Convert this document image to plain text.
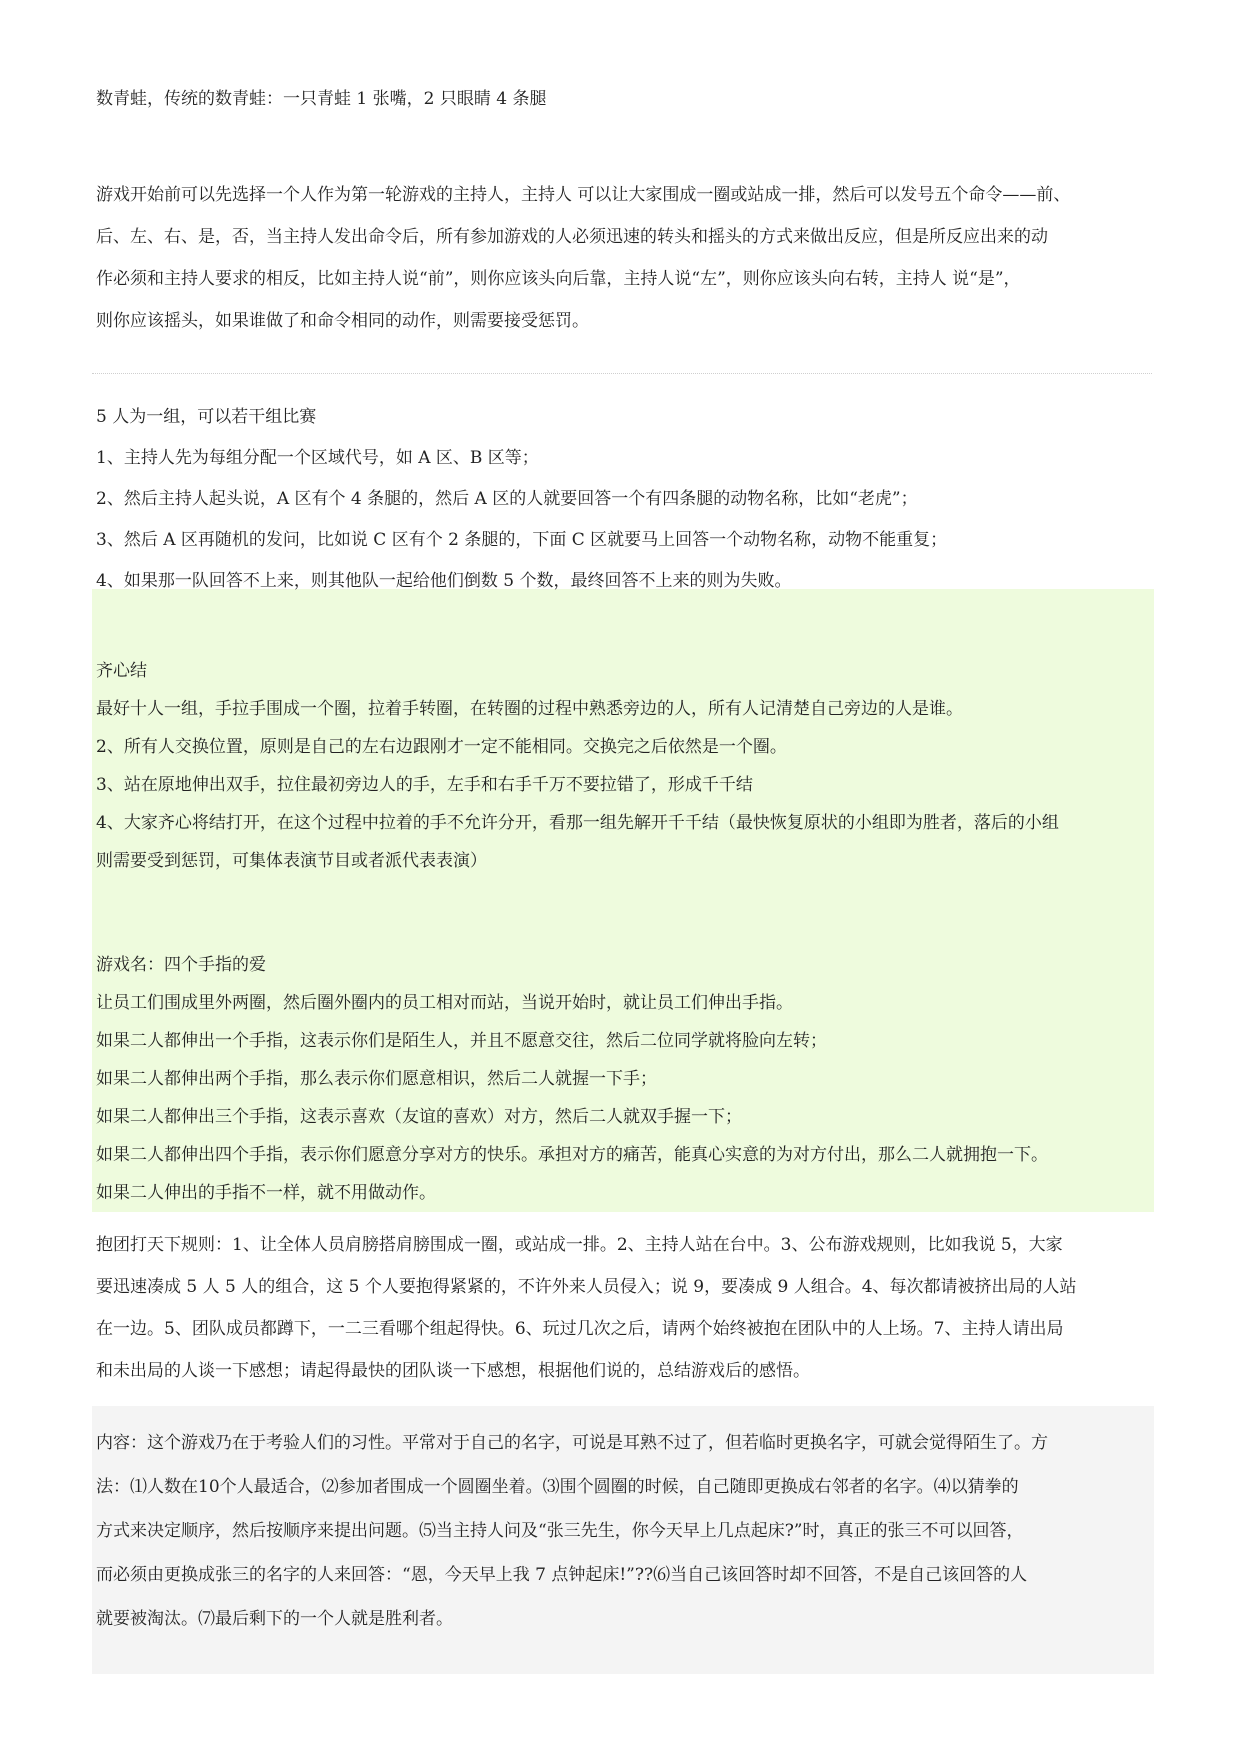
数青蛙，传统的数青蛙：一只青蛙 1 张嘴，2 只眼睛 4 条腿
游戏开始前可以先选择一个人作为第一轮游戏的主持人，主持人 可以让大家围成一圈或站成一排，然后可以发号五个命令——前、
后、左、右、是，否，当主持人发出命令后，所有参加游戏的人必须迅速的转头和摇头的方式来做出反应，但是所反应出来的动
作必须和主持人要求的相反，比如主持人说“前”，则你应该头向后靠，主持人说“左”，则你应该头向右转，主持人 说“是”，
则你应该摇头，如果谁做了和命令相同的动作，则需要接受惩罚。
5 人为一组，可以若干组比赛
1、主持人先为每组分配一个区域代号，如 A 区、B 区等；
2、然后主持人起头说，A 区有个 4 条腿的，然后 A 区的人就要回答一个有四条腿的动物名称，比如“老虎”；
3、然后 A 区再随机的发问，比如说 C 区有个 2 条腿的，下面 C 区就要马上回答一个动物名称，动物不能重复；
4、如果那一队回答不上来，则其他队一起给他们倒数 5 个数，最终回答不上来的则为失败。
齐心结
最好十人一组，手拉手围成一个圈，拉着手转圈，在转圈的过程中熟悉旁边的人，所有人记清楚自己旁边的人是谁。
2、所有人交换位置，原则是自己的左右边跟刚才一定不能相同。交换完之后依然是一个圈。
3、站在原地伸出双手，拉住最初旁边人的手，左手和右手千万不要拉错了，形成千千结
4、大家齐心将结打开，在这个过程中拉着的手不允许分开，看那一组先解开千千结（最快恢复原状的小组即为胜者，落后的小组
则需要受到惩罚，可集体表演节目或者派代表表演）
游戏名：四个手指的爱
让员工们围成里外两圈，然后圈外圈内的员工相对而站，当说开始时，就让员工们伸出手指。
如果二人都伸出一个手指，这表示你们是陌生人，并且不愿意交往，然后二位同学就将脸向左转；
如果二人都伸出两个手指，那么表示你们愿意相识，然后二人就握一下手；
如果二人都伸出三个手指，这表示喜欢（友谊的喜欢）对方，然后二人就双手握一下；
如果二人都伸出四个手指，表示你们愿意分享对方的快乐。承担对方的痛苦，能真心实意的为对方付出，那么二人就拥抱一下。
如果二人伸出的手指不一样，就不用做动作。
抱团打天下规则：1、让全体人员肩膀搭肩膀围成一圈，或站成一排。2、主持人站在台中。3、公布游戏规则，比如我说 5，大家
要迅速凑成 5 人 5 人的组合，这 5 个人要抱得紧紧的，不许外来人员侵入；说 9，要凑成 9 人组合。4、每次都请被挤出局的人站
在一边。5、团队成员都蹲下，一二三看哪个组起得快。6、玩过几次之后，请两个始终被抱在团队中的人上场。7、主持人请出局
和未出局的人谈一下感想；请起得最快的团队谈一下感想，根据他们说的，总结游戏后的感悟。
内容：这个游戏乃在于考验人们的习性。平常对于自己的名字，可说是耳熟不过了，但若临时更换名字，可就会觉得陌生了。方
法：⑴人数在10个人最适合，⑵参加者围成一个圆圈坐着。⑶围个圆圈的时候，自己随即更换成右邻者的名字。⑷以猜拳的
方式来决定顺序，然后按顺序来提出问题。⑸当主持人问及“张三先生，你今天早上几点起床?”时，真正的张三不可以回答，
而必须由更换成张三的名字的人来回答：“恩，今天早上我 7 点钟起床!”??⑹当自己该回答时却不回答，不是自己该回答的人
就要被淘汰。⑺最后剩下的一个人就是胜利者。
